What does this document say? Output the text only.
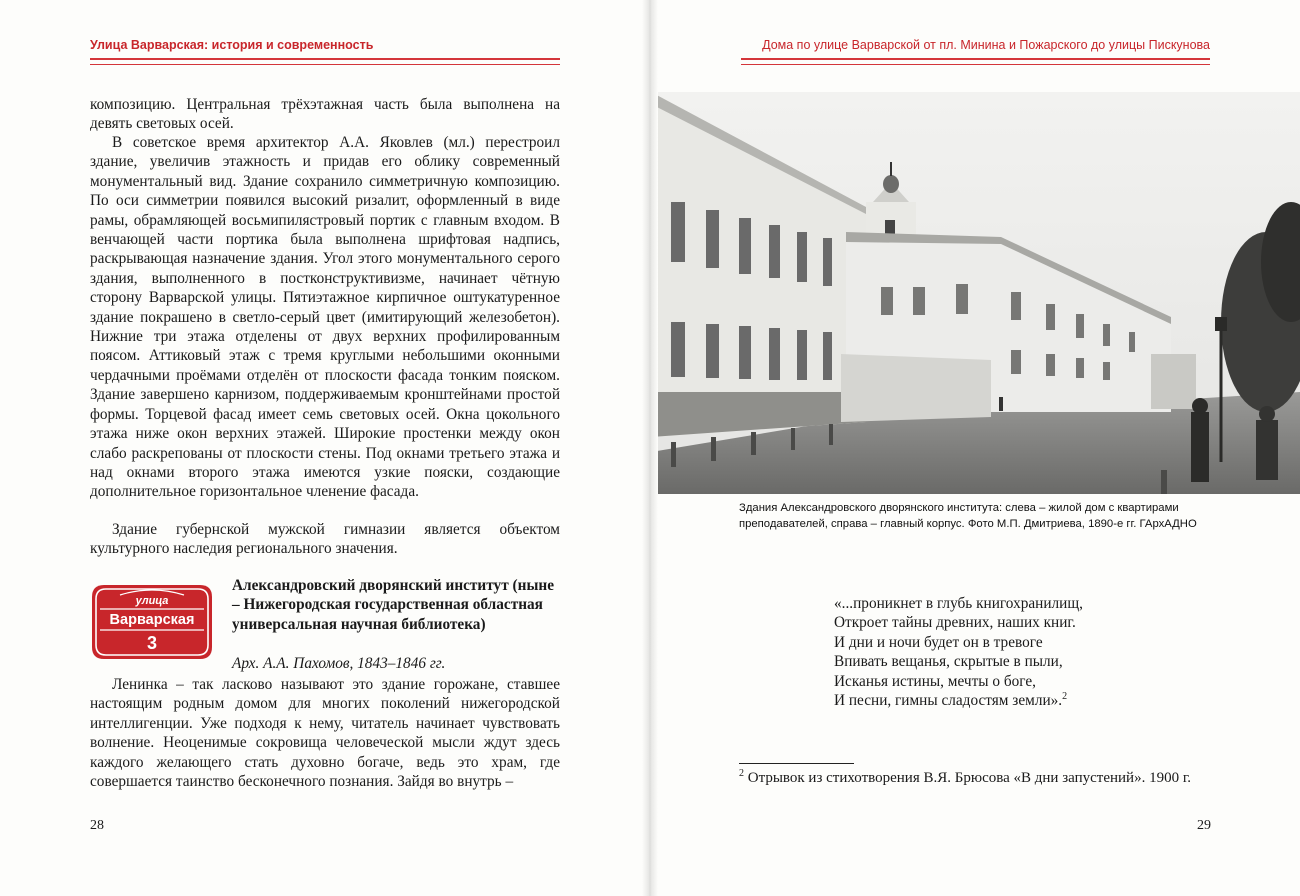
Улица Варварская: история и современность
композицию. Центральная трёхэтажная часть была выполнена на девять световых осей.
В советское время архитектор А.А. Яковлев (мл.) перестроил здание, увеличив этажность и придав его облику современный монументальный вид. Здание сохранило симметричную композицию. По оси симметрии появился высокий ризалит, оформленный в виде рамы, обрамляющей восьмипилястровый портик с главным входом. В венчающей части портика была выполнена шрифтовая надпись, раскрывающая назначение здания. Угол этого монументального серого здания, выполненного в постконструктивизме, начинает чётную сторону Варварской улицы. Пятиэтажное кирпичное оштукатуренное здание покрашено в светло-серый цвет (имитирующий железобетон). Нижние три этажа отделены от двух верхних профилированным поясом. Аттиковый этаж с тремя круглыми небольшими оконными чердачными проёмами отделён от плоскости фасада тонким пояском. Здание завершено карнизом, поддерживаемым кронштейнами простой формы. Торцевой фасад имеет семь световых осей. Окна цокольного этажа ниже окон верхних этажей. Широкие простенки между окон слабо раскрепованы от плоскости стены. Под окнами третьего этажа и над окнами второго этажа имеются узкие пояски, создающие дополнительное горизонтальное членение фасада.
Здание губернской мужской гимназии является объектом культурного наследия регионального значения.
улица
Варварская
3
Александровский дворянский институт (ныне – Нижегородская государственная областная универсальная научная библиотека)
Арх. А.А. Пахомов, 1843–1846 гг.
Ленинка – так ласково называют это здание горожане, ставшее настоящим родным домом для многих поколений нижегородской интеллигенции. Уже подходя к нему, читатель начинает чувствовать волнение. Неоценимые сокровища человеческой мысли ждут здесь каждого желающего стать духовно богаче, ведь это храм, где совершается таинство бесконечного познания. Зайдя во внутрь –
28
Дома по улице Варварской от пл. Минина и Пожарского до улицы Пискунова
Здания Александровского дворянского института: слева – жилой дом с квартирами
преподавателей, справа – главный корпус. Фото М.П. Дмитриева, 1890-е гг. ГАрхАДНО
«...проникнет в глубь книгохранилищ,
Откроет тайны древних, наших книг.
И дни и ночи будет он в тревоге
Впивать вещанья, скрытые в пыли,
Исканья истины, мечты о боге,
И песни, гимны сладостям земли».$^2$
$^2$ Отрывок из стихотворения В.Я. Брюсова «В дни запустений». 1900 г.
29
